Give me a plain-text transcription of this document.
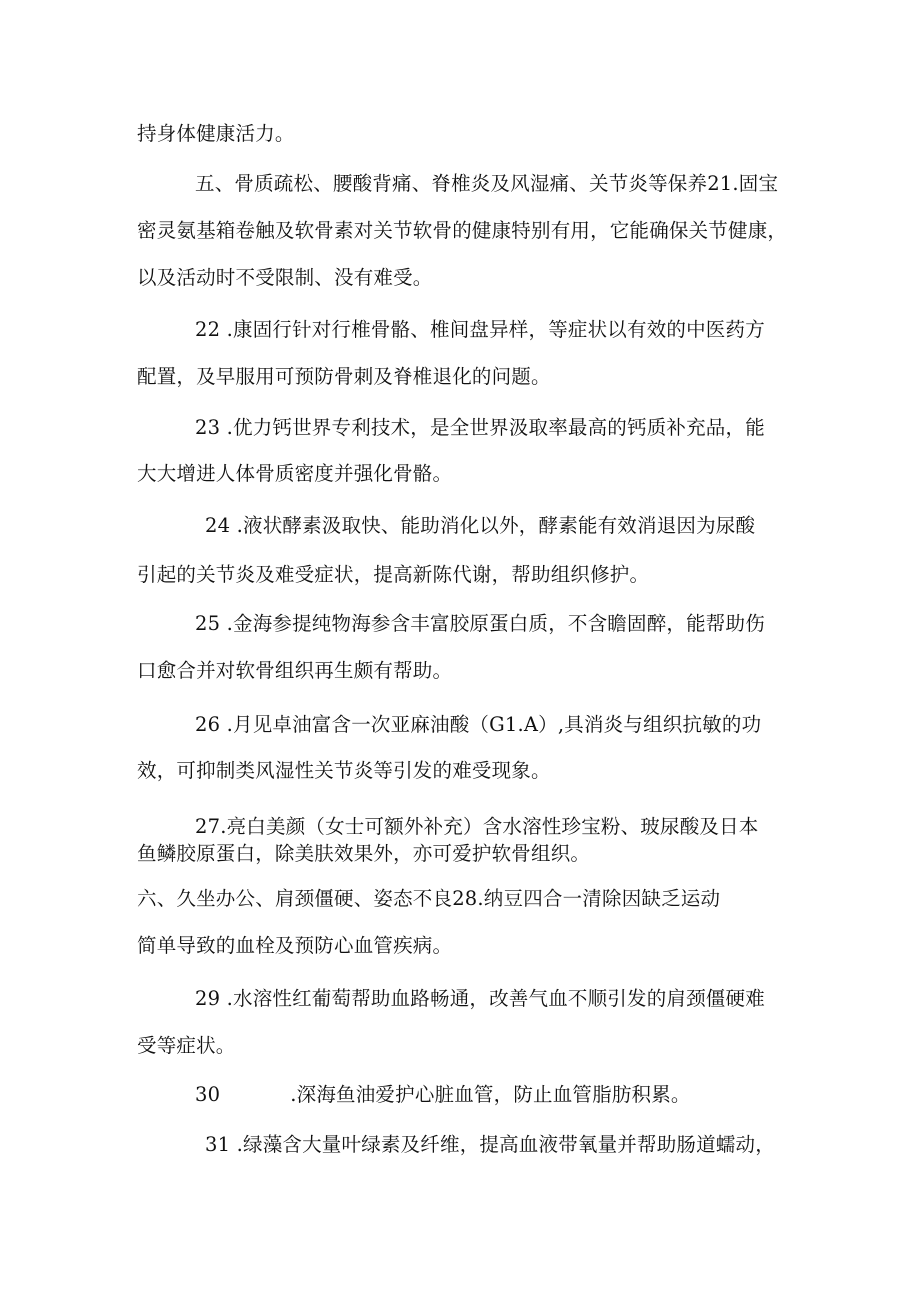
持身体健康活力。
五、骨质疏松、腰酸背痛、脊椎炎及风湿痛、关节炎等保养21.固宝
密灵氨基箱卷触及软骨素对关节软骨的健康特别有用，它能确保关节健康，
以及活动时不受限制、没有难受。
22 .康固行针对行椎骨骼、椎间盘异样，等症状以有效的中医药方
配置，及早服用可预防骨刺及脊椎退化的问题。
23 .优力钙世界专利技术，是全世界汲取率最高的钙质补充品，能
大大增进人体骨质密度并强化骨骼。
24 .液状酵素汲取快、能助消化以外，酵素能有效消退因为尿酸
引起的关节炎及难受症状，提高新陈代谢，帮助组织修护。
25 .金海参提纯物海参含丰富胶原蛋白质，不含瞻固醉，能帮助伤
口愈合并对软骨组织再生颇有帮助。
26 .月见卓油富含一次亚麻油酸（G1.A）,具消炎与组织抗敏的功
效，可抑制类风湿性关节炎等引发的难受现象。
27.亮白美颜（女士可额外补充）含水溶性珍宝粉、玻尿酸及日本
鱼鳞胶原蛋白，除美肤效果外，亦可爱护软骨组织。
六、久坐办公、肩颈僵硬、姿态不良28.纳豆四合一清除因缺乏运动
简单导致的血栓及预防心血管疾病。
29 .水溶性红葡萄帮助血路畅通，改善气血不顺引发的肩颈僵硬难
受等症状。
30	.深海鱼油爱护心脏血管，防止血管脂肪积累。
31 .绿藻含大量叶绿素及纤维，提高血液带氧量并帮助肠道蠕动，
